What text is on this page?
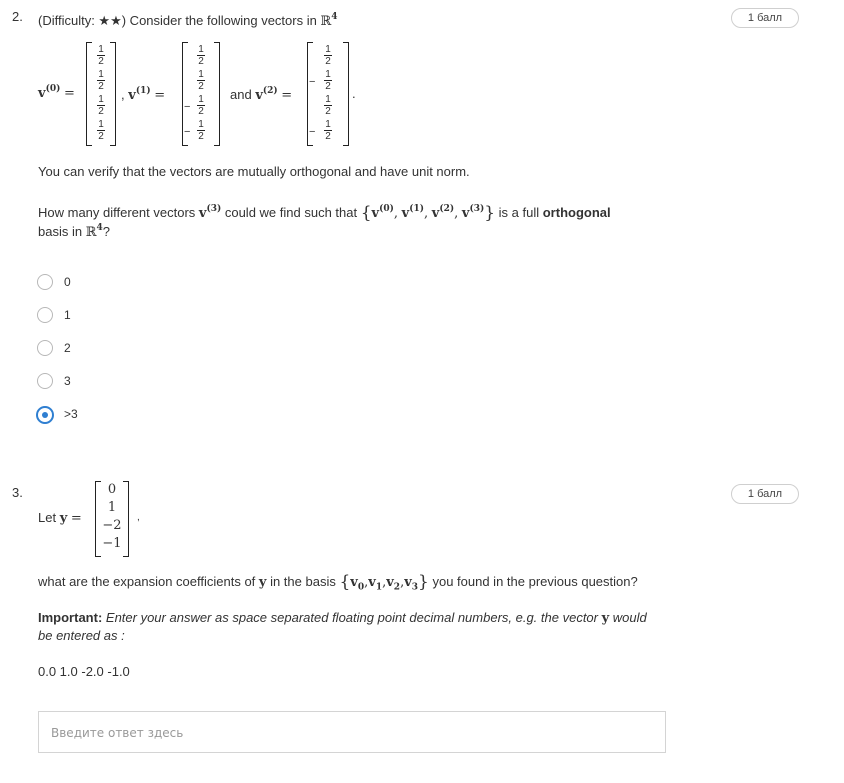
2.	1 балл
(Difficulty: ★★) Consider the following vectors in ℝ$^4$
$v^{(0)}$ =
1
2
1
2
1
2
1
2
, $v^{(1)}$ =
1
2
1
2
−
1
2
−
1
2
and $v^{(2)}$ =
1
2
−
1
2
1
2
−
1
2
.
You can verify that the vectors are mutually orthogonal and have unit norm.
How many different vectors $v^{(3)}$ could we find such that {$v^{(0)}$, $v^{(1)}$, $v^{(2)}$, $v^{(3)}$} is a full orthogonal
basis in ℝ$^4$?
0
1
2
3
>3
3.	1 балл
Let y =
0
1
−2
−1
,
what are the expansion coefficients of y in the basis $\{v_0,v_1,v_2,v_3\}$ you found in the previous question?
Important: Enter your answer as space separated floating point decimal numbers, e.g. the vector y would
be entered as :
0.0 1.0 -2.0 -1.0
Введите ответ здесь
